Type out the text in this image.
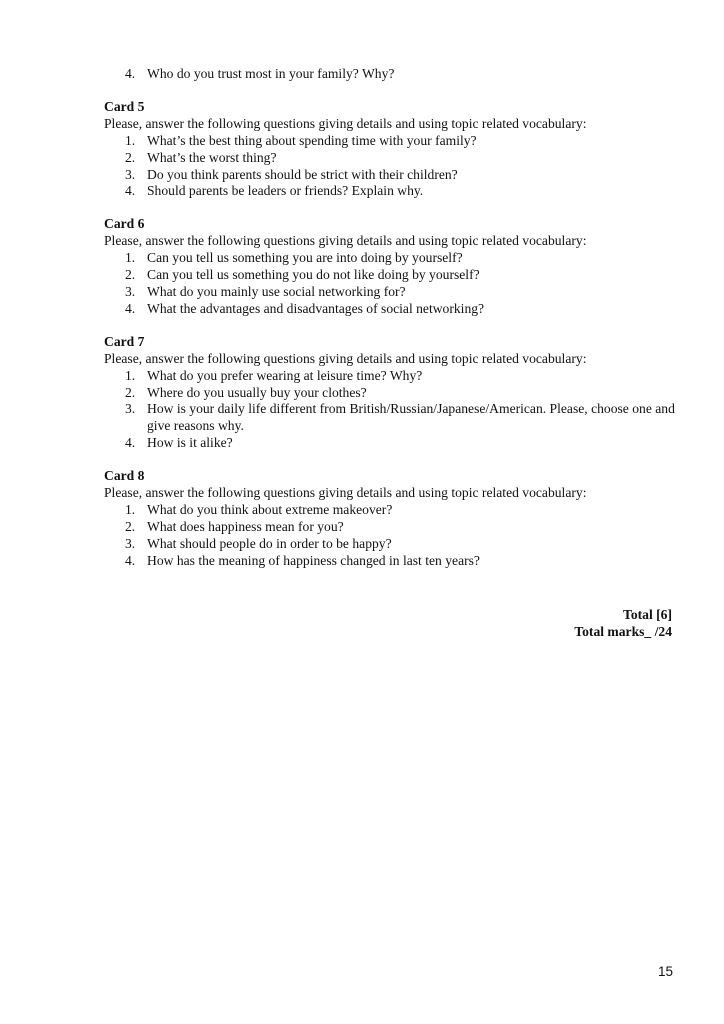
4. Who do you trust most in your family? Why?
Card 5
Please, answer the following questions giving details and using topic related vocabulary:
1. What’s the best thing about spending time with your family?
2. What’s the worst thing?
3. Do you think parents should be strict with their children?
4. Should parents be leaders or friends? Explain why.
Card 6
Please, answer the following questions giving details and using topic related vocabulary:
1. Can you tell us something you are into doing by yourself?
2. Can you tell us something you do not like doing by yourself?
3. What do you mainly use social networking for?
4. What the advantages and disadvantages of social networking?
Card 7
Please, answer the following questions giving details and using topic related vocabulary:
1. What do you prefer wearing at leisure time? Why?
2. Where do you usually buy your clothes?
3. How is your daily life different from British/Russian/Japanese/American. Please, choose one and give reasons why.
4. How is it alike?
Card 8
Please, answer the following questions giving details and using topic related vocabulary:
1. What do you think about extreme makeover?
2. What does happiness mean for you?
3. What should people do in order to be happy?
4. How has the meaning of happiness changed in last ten years?
Total [6]
Total marks_ /24
15
